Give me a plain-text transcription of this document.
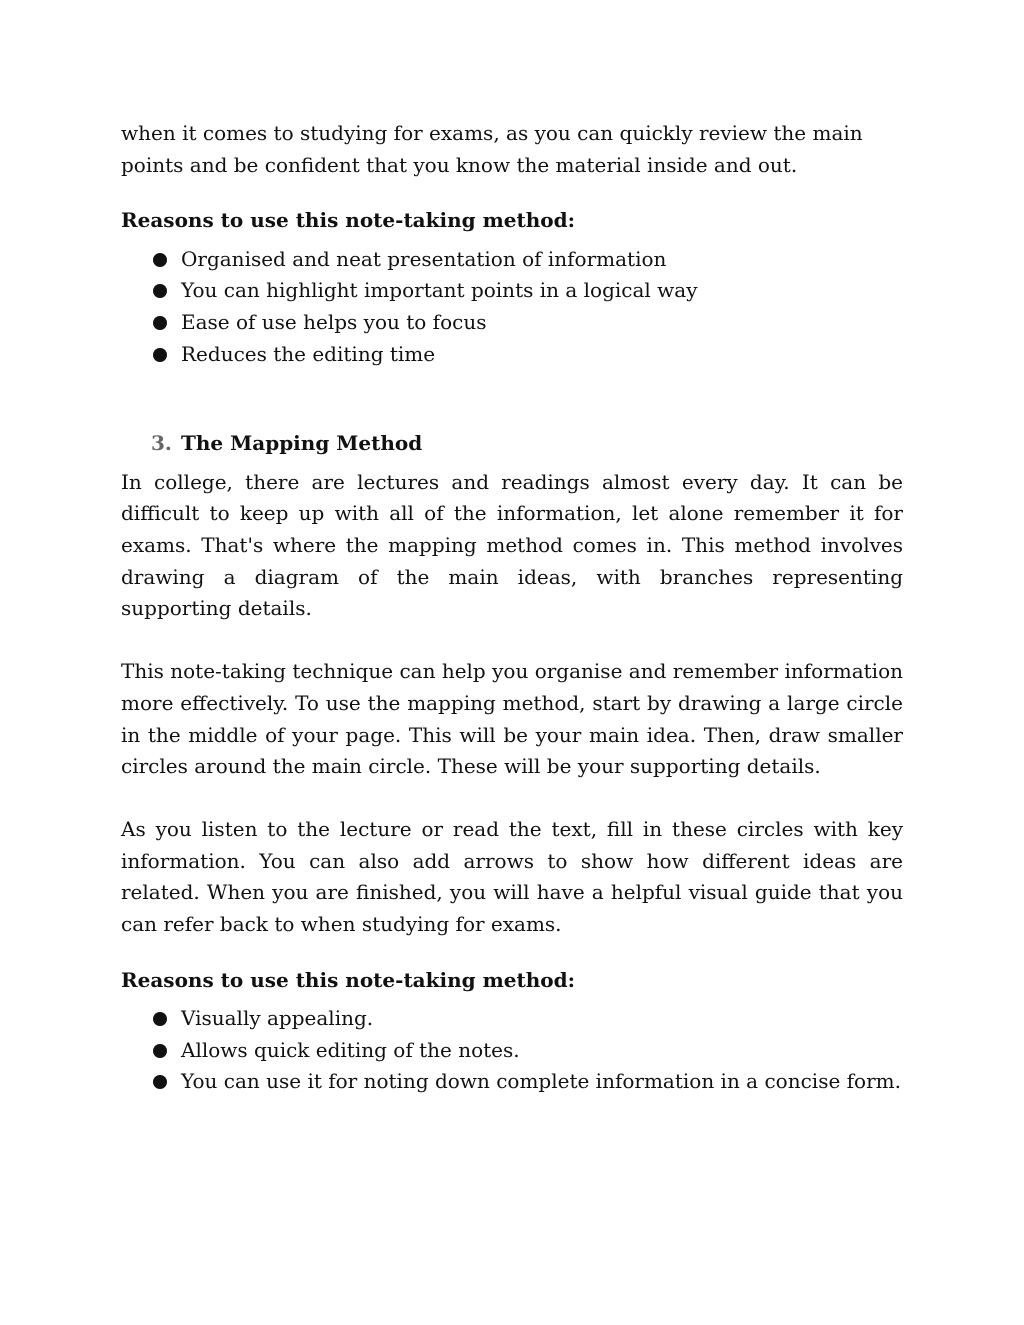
when it comes to studying for exams, as you can quickly review the main points and be confident that you know the material inside and out.

Reasons to use this note-taking method:
Organised and neat presentation of information
You can highlight important points in a logical way
Ease of use helps you to focus
Reduces the editing time
3. The Mapping Method

In college, there are lectures and readings almost every day. It can be difficult to keep up with all of the information, let alone remember it for exams. That's where the mapping method comes in. This method involves drawing a diagram of the main ideas, with branches representing supporting details.

This note-taking technique can help you organise and remember information more effectively. To use the mapping method, start by drawing a large circle in the middle of your page. This will be your main idea. Then, draw smaller circles around the main circle. These will be your supporting details.

As you listen to the lecture or read the text, fill in these circles with key information. You can also add arrows to show how different ideas are related. When you are finished, you will have a helpful visual guide that you can refer back to when studying for exams.

Reasons to use this note-taking method:
Visually appealing.
Allows quick editing of the notes.
You can use it for noting down complete information in a concise form.
